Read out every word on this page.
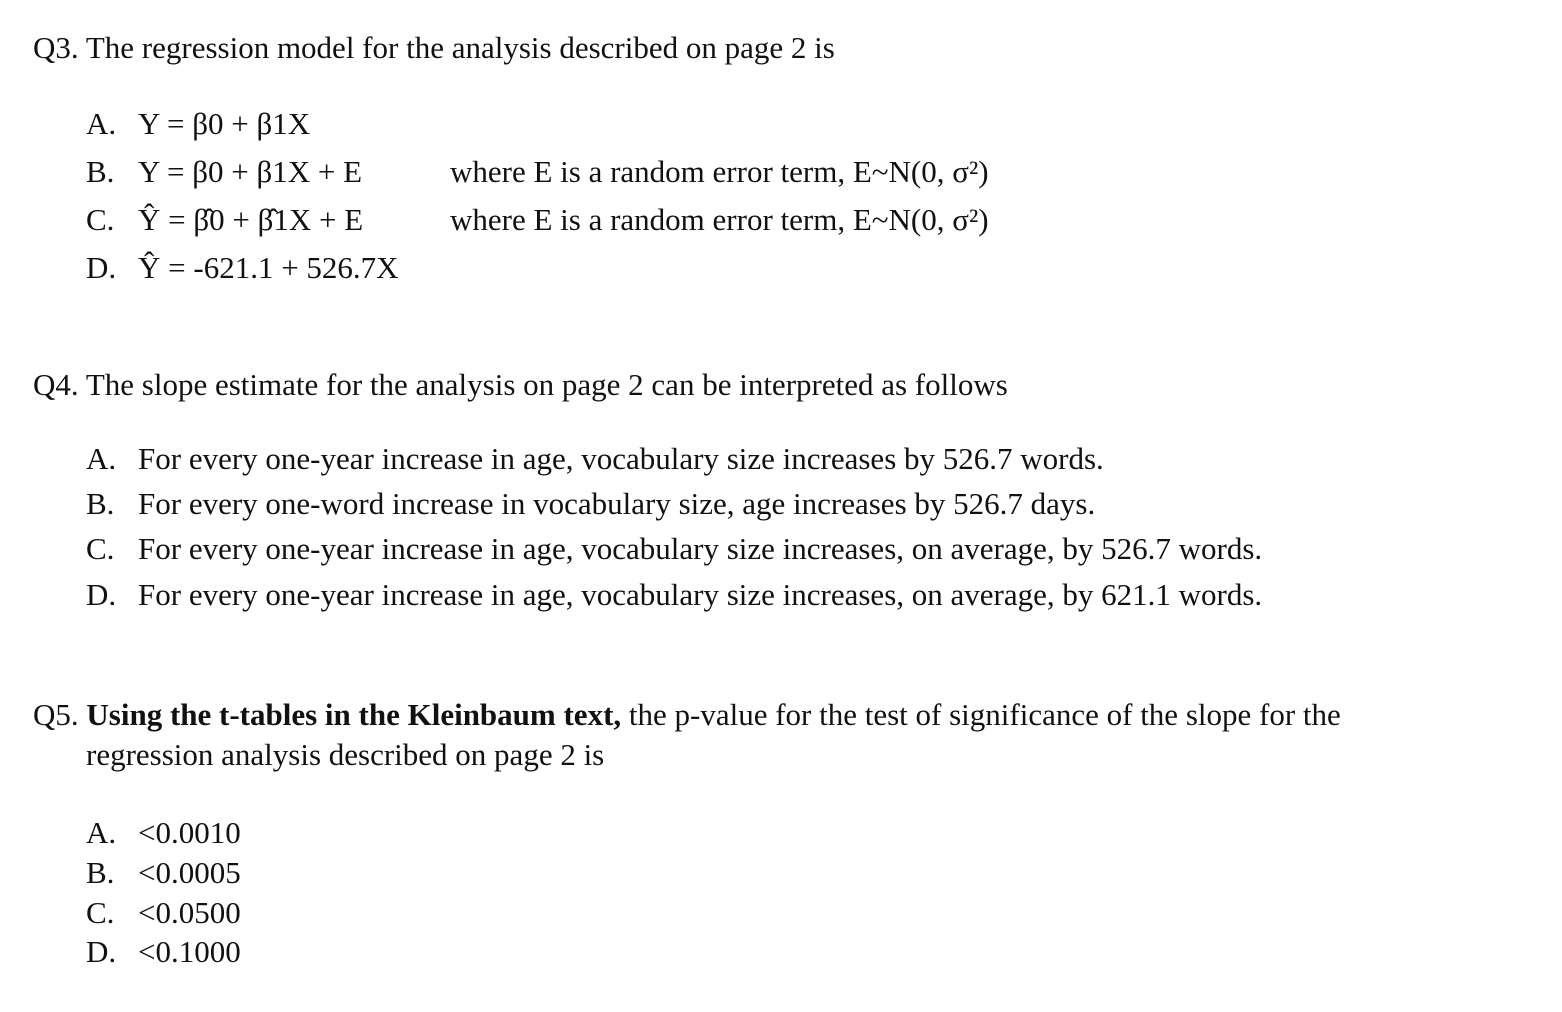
Q3. The regression model for the analysis described on page 2 is
A. Y = β0 + β1X
B. Y = β0 + β1X + E	where E is a random error term, E~N(0, σ²)
C. Ŷ = β̂0 + β̂1X + E	where E is a random error term, E~N(0, σ²)
D. Ŷ = -621.1 + 526.7X
Q4. The slope estimate for the analysis on page 2 can be interpreted as follows
A. For every one-year increase in age, vocabulary size increases by 526.7 words.
B. For every one-word increase in vocabulary size, age increases by 526.7 days.
C. For every one-year increase in age, vocabulary size increases, on average, by 526.7 words.
D. For every one-year increase in age, vocabulary size increases, on average, by 621.1 words.
Q5. Using the t-tables in the Kleinbaum text, the p-value for the test of significance of the slope for the
regression analysis described on page 2 is
A. <0.0010
B. <0.0005
C. <0.0500
D. <0.1000
